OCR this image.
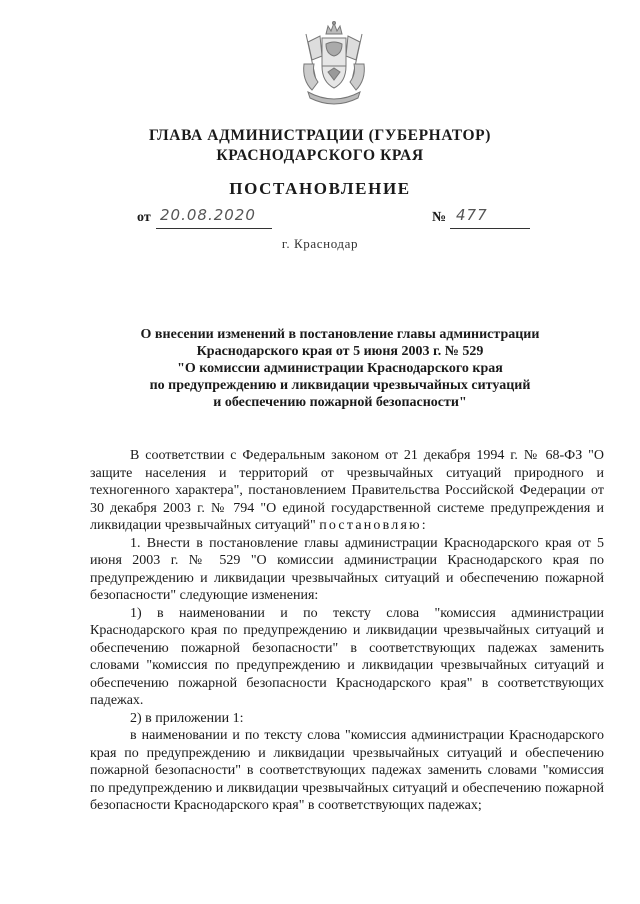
ГЛАВА АДМИНИСТРАЦИИ (ГУБЕРНАТОР)
КРАСНОДАРСКОГО КРАЯ
ПОСТАНОВЛЕНИЕ
от 20.08.2020	№ 477
г. Краснодар
О внесении изменений в постановление главы администрации
Краснодарского края от 5 июня 2003 г. № 529
"О комиссии администрации Краснодарского края
по предупреждению и ликвидации чрезвычайных ситуаций
и обеспечению пожарной безопасности"

В соответствии с Федеральным законом от 21 декабря 1994 г. № 68-ФЗ "О защите населения и территорий от чрезвычайных ситуаций природного и техногенного характера", постановлением Правительства Российской Федерации от 30 декабря 2003 г. № 794 "О единой государственной системе предупреждения и ликвидации чрезвычайных ситуаций" постановляю:

1. Внести в постановление главы администрации Краснодарского края от 5 июня 2003 г. № 529 "О комиссии администрации Краснодарского края по предупреждению и ликвидации чрезвычайных ситуаций и обеспечению пожарной безопасности" следующие изменения:

1) в наименовании и по тексту слова "комиссия администрации Краснодарского края по предупреждению и ликвидации чрезвычайных ситуаций и обеспечению пожарной безопасности" в соответствующих падежах заменить словами "комиссия по предупреждению и ликвидации чрезвычайных ситуаций и обеспечению пожарной безопасности Краснодарского края" в соответствующих падежах.

2) в приложении 1:

в наименовании и по тексту слова "комиссия администрации Краснодарского края по предупреждению и ликвидации чрезвычайных ситуаций и обеспечению пожарной безопасности" в соответствующих падежах заменить словами "комиссия по предупреждению и ликвидации чрезвычайных ситуаций и обеспечению пожарной безопасности Краснодарского края" в соответствующих падежах;
